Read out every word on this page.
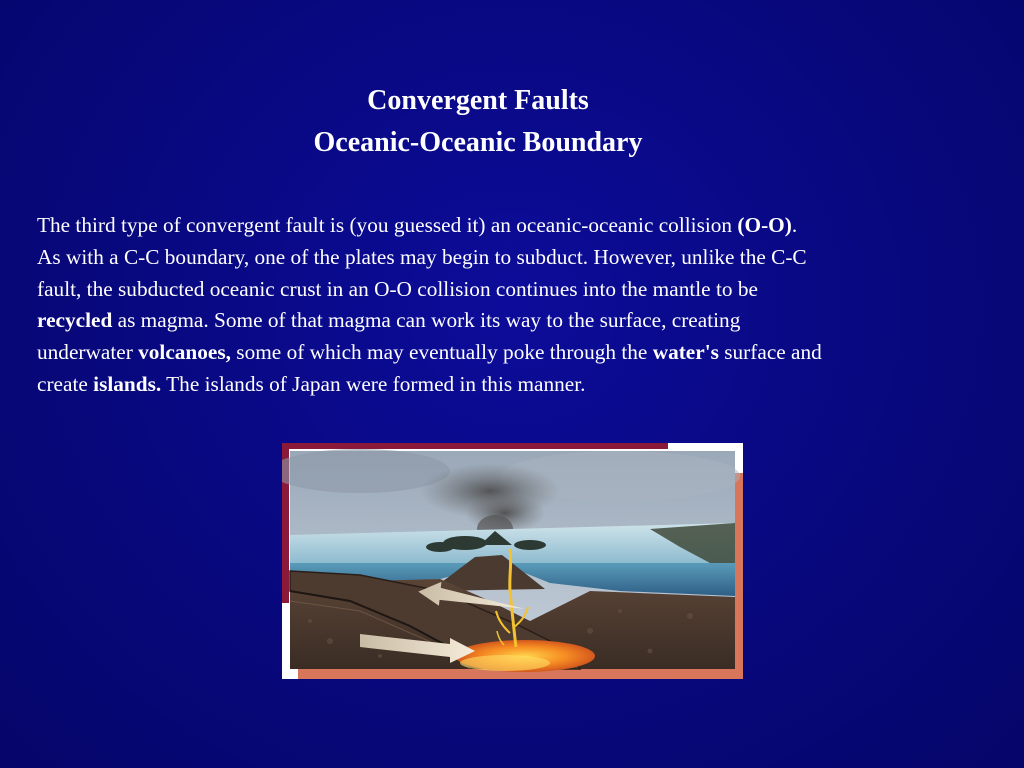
Convergent Faults
Oceanic-Oceanic Boundary
The third type of convergent fault is (you guessed it) an oceanic-oceanic collision (O-O).
As with a C-C boundary, one of the plates may begin to subduct. However, unlike the C-C
fault, the subducted oceanic crust in an O-O collision continues into the mantle to be
recycled as magma. Some of that magma can work its way to the surface, creating
underwater volcanoes, some of which may eventually poke through the water's surface and
create islands. The islands of Japan were formed in this manner.
